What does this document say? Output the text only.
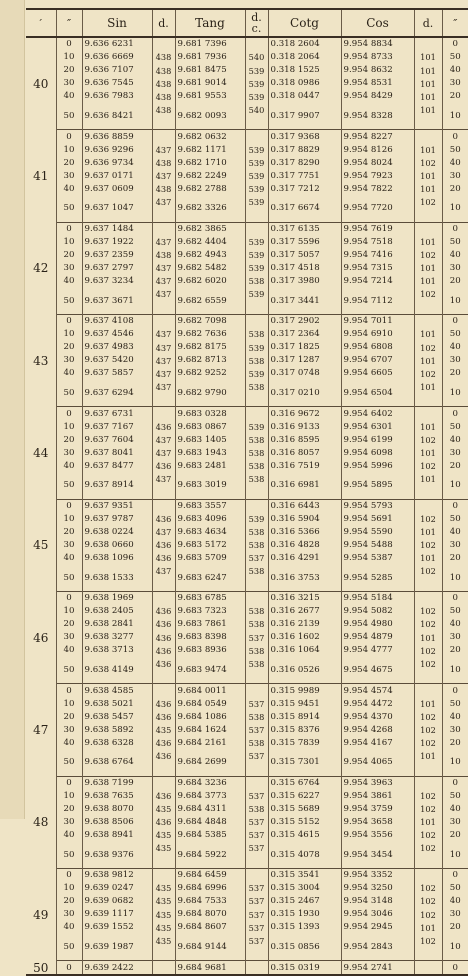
′	″	Sin	d.	Tang	d. c.	Cotg	Cos	d.	″
40	0	9.636 6231		9.681 7396		0.318 2604	9.954 8834		0
			438		540			101	
	10	9.636 6669		9.681 7936		0.318 2064	9.954 8733		50
			438		539			101	
	20	9.636 7107		9.681 8475		0.318 1525	9.954 8632		40
			438		539			101	
	30	9.636 7545		9.681 9014		0.318 0986	9.954 8531		30
			438		539			101	
	40	9.636 7983		9.681 9553		0.318 0447	9.954 8429		20
			438		540			101	
	50	9.636 8421		9.682 0093		0.317 9907	9.954 8328		10

41	0	9.636 8859		9.682 0632		0.317 9368	9.954 8227		0
			437		539			101	
	10	9.636 9296		9.682 1171		0.317 8829	9.954 8126		50
			438		539			102	
	20	9.636 9734		9.682 1710		0.317 8290	9.954 8024		40
			437		539			101	
	30	9.637 0171		9.682 2249		0.317 7751	9.954 7923		30
			438		539			101	
	40	9.637 0609		9.682 2788		0.317 7212	9.954 7822		20
			437		539			102	
	50	9.637 1047		9.682 3326		0.317 6674	9.954 7720		10

42	0	9.637 1484		9.682 3865		0.317 6135	9.954 7619		0
			437		539			101	
	10	9.637 1922		9.682 4404		0.317 5596	9.954 7518		50
			438		539			102	
	20	9.637 2359		9.682 4943		0.317 5057	9.954 7416		40
			437		539			101	
	30	9.637 2797		9.682 5482		0.317 4518	9.954 7315		30
			437		538			101	
	40	9.637 3234		9.682 6020		0.317 3980	9.954 7214		20
			437		539			102	
	50	9.637 3671		9.682 6559		0.317 3441	9.954 7112		10

43	0	9.637 4108		9.682 7098		0.317 2902	9.954 7011		0
			437		538			101	
	10	9.637 4546		9.682 7636		0.317 2364	9.954 6910		50
			437		539			102	
	20	9.637 4983		9.682 8175		0.317 1825	9.954 6808		40
			437		538			101	
	30	9.637 5420		9.682 8713		0.317 1287	9.954 6707		30
			437		539			102	
	40	9.637 5857		9.682 9252		0.317 0748	9.954 6605		20
			437		538			101	
	50	9.637 6294		9.682 9790		0.317 0210	9.954 6504		10

44	0	9.637 6731		9.683 0328		0.316 9672	9.954 6402		0
			436		539			101	
	10	9.637 7167		9.683 0867		0.316 9133	9.954 6301		50
			437		538			102	
	20	9.637 7604		9.683 1405		0.316 8595	9.954 6199		40
			437		538			101	
	30	9.637 8041		9.683 1943		0.316 8057	9.954 6098		30
			436		538			102	
	40	9.637 8477		9.683 2481		0.316 7519	9.954 5996		20
			437		538			101	
	50	9.637 8914		9.683 3019		0.316 6981	9.954 5895		10

45	0	9.637 9351		9.683 3557		0.316 6443	9.954 5793		0
			436		539			102	
	10	9.637 9787		9.683 4096		0.316 5904	9.954 5691		50
			437		538			101	
	20	9.638 0224		9.683 4634		0.316 5366	9.954 5590		40
			436		538			102	
	30	9.638 0660		9.683 5172		0.316 4828	9.954 5488		30
			436		537			101	
	40	9.638 1096		9.683 5709		0.316 4291	9.954 5387		20
			437		538			102	
	50	9.638 1533		9.683 6247		0.316 3753	9.954 5285		10

46	0	9.638 1969		9.683 6785		0.316 3215	9.954 5184		0
			436		538			102	
	10	9.638 2405		9.683 7323		0.316 2677	9.954 5082		50
			436		538			102	
	20	9.638 2841		9.683 7861		0.316 2139	9.954 4980		40
			436		537			101	
	30	9.638 3277		9.683 8398		0.316 1602	9.954 4879		30
			436		538			102	
	40	9.638 3713		9.683 8936		0.316 1064	9.954 4777		20
			436		538			102	
	50	9.638 4149		9.683 9474		0.316 0526	9.954 4675		10

47	0	9.638 4585		9.684 0011		0.315 9989	9.954 4574		0
			436		537			101	
	10	9.638 5021		9.684 0549		0.315 9451	9.954 4472		50
			436		538			102	
	20	9.638 5457		9.684 1086		0.315 8914	9.954 4370		40
			435		537			102	
	30	9.638 5892		9.684 1624		0.315 8376	9.954 4268		30
			436		538			102	
	40	9.638 6328		9.684 2161		0.315 7839	9.954 4167		20
			436		537			101	
	50	9.638 6764		9.684 2699		0.315 7301	9.954 4065		10

48	0	9.638 7199		9.684 3236		0.315 6764	9.954 3963		0
			436		537			102	
	10	9.638 7635		9.684 3773		0.315 6227	9.954 3861		50
			435		538			102	
	20	9.638 8070		9.684 4311		0.315 5689	9.954 3759		40
			436		537			101	
	30	9.638 8506		9.684 4848		0.315 5152	9.954 3658		30
			435		537			102	
	40	9.638 8941		9.684 5385		0.315 4615	9.954 3556		20
			435		537			102	
	50	9.638 9376		9.684 5922		0.315 4078	9.954 3454		10

49	0	9.638 9812		9.684 6459		0.315 3541	9.954 3352		0
			435		537			102	
	10	9.639 0247		9.684 6996		0.315 3004	9.954 3250		50
			435		537			102	
	20	9.639 0682		9.684 7533		0.315 2467	9.954 3148		40
			435		537			102	
	30	9.639 1117		9.684 8070		0.315 1930	9.954 3046		30
			435		537			101	
	40	9.639 1552		9.684 8607		0.315 1393	9.954 2945		20
			435		537			102	
	50	9.639 1987		9.684 9144		0.315 0856	9.954 2843		10

50	0	9.639 2422		9.684 9681		0.315 0319	9.954 2741		0
